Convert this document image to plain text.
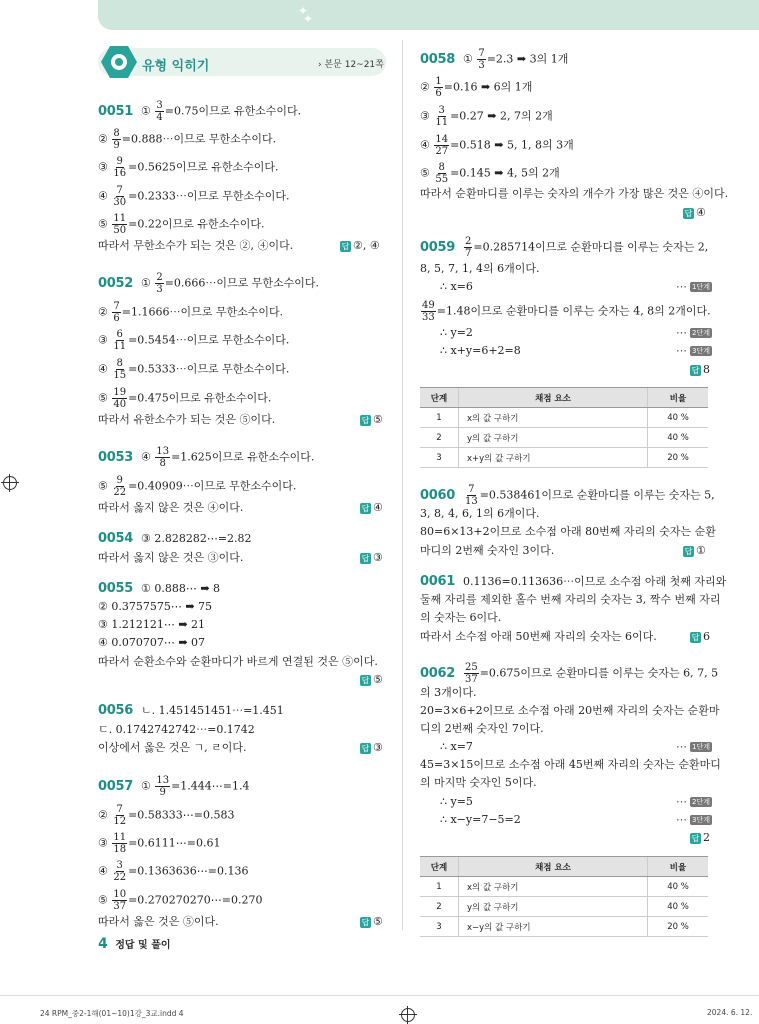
✦
✦
유형 익히기	› 본문 12~21쪽
0051 ① $\frac{3}{4} =0.75$이므로 유한소수이다.
② $\frac{8}{9}$ =0.888⋯이므로 무한소수이다.
③ $\frac{9}{16} =0.5625$이므로 유한소수이다.
④ $\frac{7}{30}$ =0.2333⋯이므로 무한소수이다.
⑤ $\frac{11}{50} =0.22$이므로 유한소수이다.
따라서 무한소수가 되는 것은 ②, ④이다.	답 ②, ④
0052 ① $\frac{2}{3}$ =0.666⋯이므로 무한소수이다.
② $\frac{7}{6}$ =1.1666⋯이므로 무한소수이다.
③ $\frac{6}{11}$ =0.5454⋯이므로 무한소수이다.
④ $\frac{8}{15}$ =0.5333⋯이므로 무한소수이다.
⑤ $\frac{19}{40} =0.475$이므로 유한소수이다.
따라서 유한소수가 되는 것은 ⑤이다.	답 ⑤
0053 ④ $\frac{13}{8} =1.625$이므로 유한소수이다.
⑤ $\frac{9}{22}$ =0.40909⋯이므로 무한소수이다.
따라서 옳지 않은 것은 ④이다.	답 ④
0054 ③ 2.828282⋯=2.82
따라서 옳지 않은 것은 ③이다.	답 ③
0055 ① 0.888⋯ ➡ 8
② 0.3757575⋯ ➡ 75
③ 1.212121⋯ ➡ 21
④ 0.070707⋯ ➡ 07
따라서 순환소수와 순환마디가 바르게 연결된 것은 ⑤이다.
답 ⑤
0056 ㄴ. 1.451451451⋯=1.451
ㄷ. 0.1742742742⋯=0.1742
이상에서 옳은 것은 ㄱ, ㄹ이다.	답 ③
0057 ① $\frac{13}{9}$ =1.444⋯=1.4
② $\frac{7}{12}$ =0.58333⋯=0.583
③ $\frac{11}{18}$ =0.6111⋯=0.61
④ $\frac{3}{22}$ =0.1363636⋯=0.136
⑤ $\frac{10}{37}$ =0.270270270⋯=0.270
따라서 옳은 것은 ⑤이다.	답 ⑤
0058 ① $\frac{7}{3} =2.3$ ➡ 3의 1개
② $\frac{1}{6} =0.16$ ➡ 6의 1개
③ $\frac{3}{11} =0.27$ ➡ 2, 7의 2개
④ $\frac{14}{27} =0.518$ ➡ 5, 1, 8의 3개
⑤ $\frac{8}{55} =0.145$ ➡ 4, 5의 2개
따라서 순환마디를 이루는 숫자의 개수가 가장 많은 것은 ④이다.
답 ④
$0059 \frac{2}{7} =0.285714$이므로 순환마디를 이루는 숫자는 2,
8, 5, 7, 1, 4의 6개이다.
∴ x=6	⋯ 1단계
$\frac{49}{33} =1.48$이므로 순환마디를 이루는 숫자는 4, 8의 2개이다.
∴ y=2	⋯ 2단계
∴ x+y=6+2=8	⋯ 3단계
답 8
단계	채점 요소	비율
1	x의 값 구하기	40 %
2	y의 값 구하기	40 %
3	x+y의 값 구하기	20 %
$0060 \frac{7}{13} =0.538461$이므로 순환마디를 이루는 숫자는 5,
3, 8, 4, 6, 1의 6개이다.
80=6×13+2이므로 소수점 아래 80번째 자리의 숫자는 순환
마디의 2번째 숫자인 3이다.	답 ①
0061 0.1136=0.113636⋯이므로 소수점 아래 첫째 자리와
둘째 자리를 제외한 홀수 번째 자리의 숫자는 3, 짝수 번째 자리
의 숫자는 6이다.
따라서 소수점 아래 50번째 자리의 숫자는 6이다.	답 6
$0062 \frac{25}{37} =0.675$이므로 순환마디를 이루는 숫자는 6, 7, 5
의 3개이다.
20=3×6+2이므로 소수점 아래 20번째 자리의 숫자는 순환마
디의 2번째 숫자인 7이다.
∴ x=7	⋯ 1단계
45=3×15이므로 소수점 아래 45번째 자리의 숫자는 순환마디
의 마지막 숫자인 5이다.
∴ y=5	⋯ 2단계
∴ x−y=7−5=2	⋯ 3단계
답 2
단계	채점 요소	비율
1	x의 값 구하기	40 %
2	y의 값 구하기	40 %
3	x−y의 값 구하기	20 %
4 정답 및 풀이
24 RPM_중2-1해(01~10)1강_3교.indd 4	2024. 6. 12.
